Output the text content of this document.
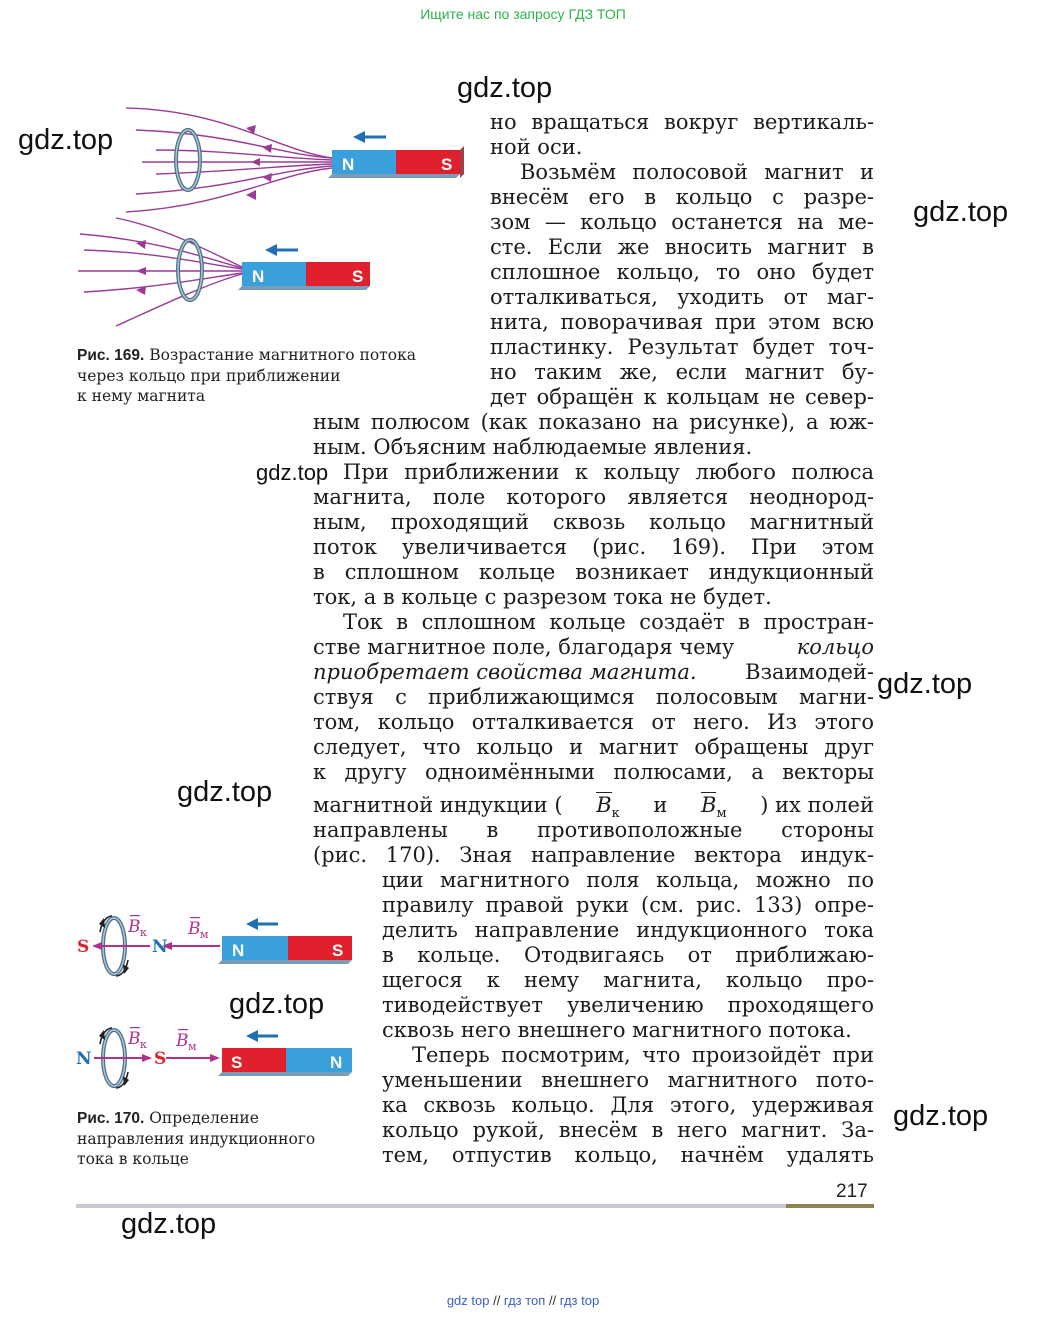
Ищите нас по запросу ГДЗ ТОП
N	S
N	S
Рис. 169. Возрастание магнитного потока
через кольцо при приближении
к нему магнита
S	N
B к B м
N	S
N	S
B к B м
S	N
Рис. 170. Определение
направления индукционного
тока в кольце
но вращаться вокруг вертикаль-
ной оси.
Возьмём полосовой магнит и
внесём его в кольцо с разре-
зом — кольцо останется на ме-
сте. Если же вносить магнит в
сплошное кольцо, то оно будет
отталкиваться, уходить от маг-
нита, поворачивая при этом всю
пластинку. Результат будет точ-
но таким же, если магнит бу-
дет обращён к кольцам не север-
ным полюсом (как показано на рисунке), а юж-
ным. Объясним наблюдаемые явления.
При приближении к кольцу любого полюса
магнита, поле которого является неоднород-
ным, проходящий сквозь кольцо магнитный
поток увеличивается (рис. 169). При этом
в сплошном кольце возникает индукционный
ток, а в кольце с разрезом тока не будет.
Ток в сплошном кольце создаёт в простран-
стве магнитное поле, благодаря чему	кольцо
приобретает свойства магнита. Взаимодей-
ствуя с приближающимся полосовым магни-
том, кольцо отталкивается от него. Из этого
следует, что кольцо и магнит обращены друг
к другу одноимёнными полюсами, а векторы
магнитной индукции ( $B_к$ и $B_м$ ) их полей
направлены в противоположные стороны
(рис. 170). Зная направление вектора индук-
ции магнитного поля кольца, можно по
правилу правой руки (см. рис. 133) опре-
делить направление индукционного тока
в кольце. Отодвигаясь от приближаю-
щегося к нему магнита, кольцо про-
тиводействует увеличению проходящего
сквозь него внешнего магнитного потока.
Теперь посмотрим, что произойдёт при
уменьшении внешнего магнитного пото-
ка сквозь кольцо. Для этого, удерживая
кольцо рукой, внесём в него магнит. За-
тем, отпустив кольцо, начнём удалять
217
gdz.top
gdz.top
gdz.top
gdz.top
gdz.top
gdz.top
gdz.top
gdz.top
gdz.top
gdz top // гдз топ // гдз top
